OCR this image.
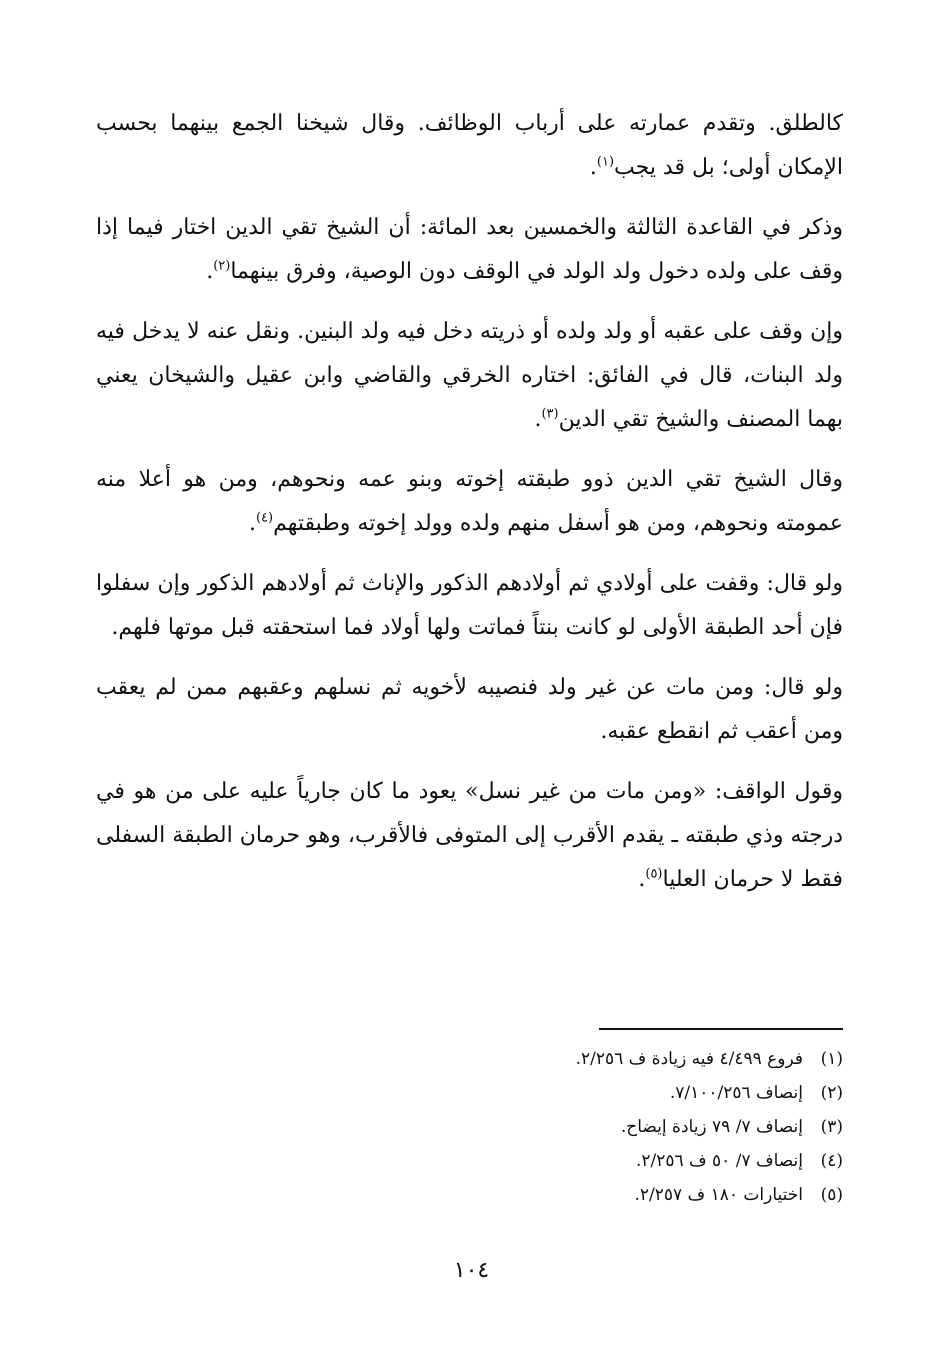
كالطلق. وتقدم عمارته على أرباب الوظائف. وقال شيخنا الجمع بينهما بحسب الإمكان أولى؛ بل قد يجب$^{(١)}$.

وذكر في القاعدة الثالثة والخمسين بعد المائة: أن الشيخ تقي الدين اختار فيما إذا وقف على ولده دخول ولد الولد في الوقف دون الوصية، وفرق بينهما$^{(٢)}$.

وإن وقف على عقبه أو ولد ولده أو ذريته دخل فيه ولد البنين. ونقل عنه لا يدخل فيه ولد البنات، قال في الفائق: اختاره الخرقي والقاضي وابن عقيل والشيخان يعني بهما المصنف والشيخ تقي الدين$^{(٣)}$.

وقال الشيخ تقي الدين ذوو طبقته إخوته وبنو عمه ونحوهم، ومن هو أعلا منه عمومته ونحوهم، ومن هو أسفل منهم ولده وولد إخوته وطبقتهم$^{(٤)}$.

ولو قال: وقفت على أولادي ثم أولادهم الذكور والإناث ثم أولادهم الذكور وإن سفلوا فإن أحد الطبقة الأولى لو كانت بنتاً فماتت ولها أولاد فما استحقته قبل موتها فلهم.

ولو قال: ومن مات عن غير ولد فنصيبه لأخويه ثم نسلهم وعقبهم ممن لم يعقب ومن أعقب ثم انقطع عقبه.

وقول الواقف: «ومن مات من غير نسل» يعود ما كان جارياً عليه على من هو في درجته وذي طبقته ـ يقدم الأقرب إلى المتوفى فالأقرب، وهو حرمان الطبقة السفلى فقط لا حرمان العليا$^{(٥)}$.

(١)فروع ٤/٤٩٩ فيه زيادة ف ٢/٢٥٦.

(٢)إنصاف ٧/١٠٠/٢٥٦.

(٣)إنصاف ٧/ ٧٩ زيادة إيضاح.

(٤)إنصاف ٧/ ٥٠ ف ٢/٢٥٦.

(٥)اختيارات ١٨٠ ف ٢/٢٥٧.

١٠٤
